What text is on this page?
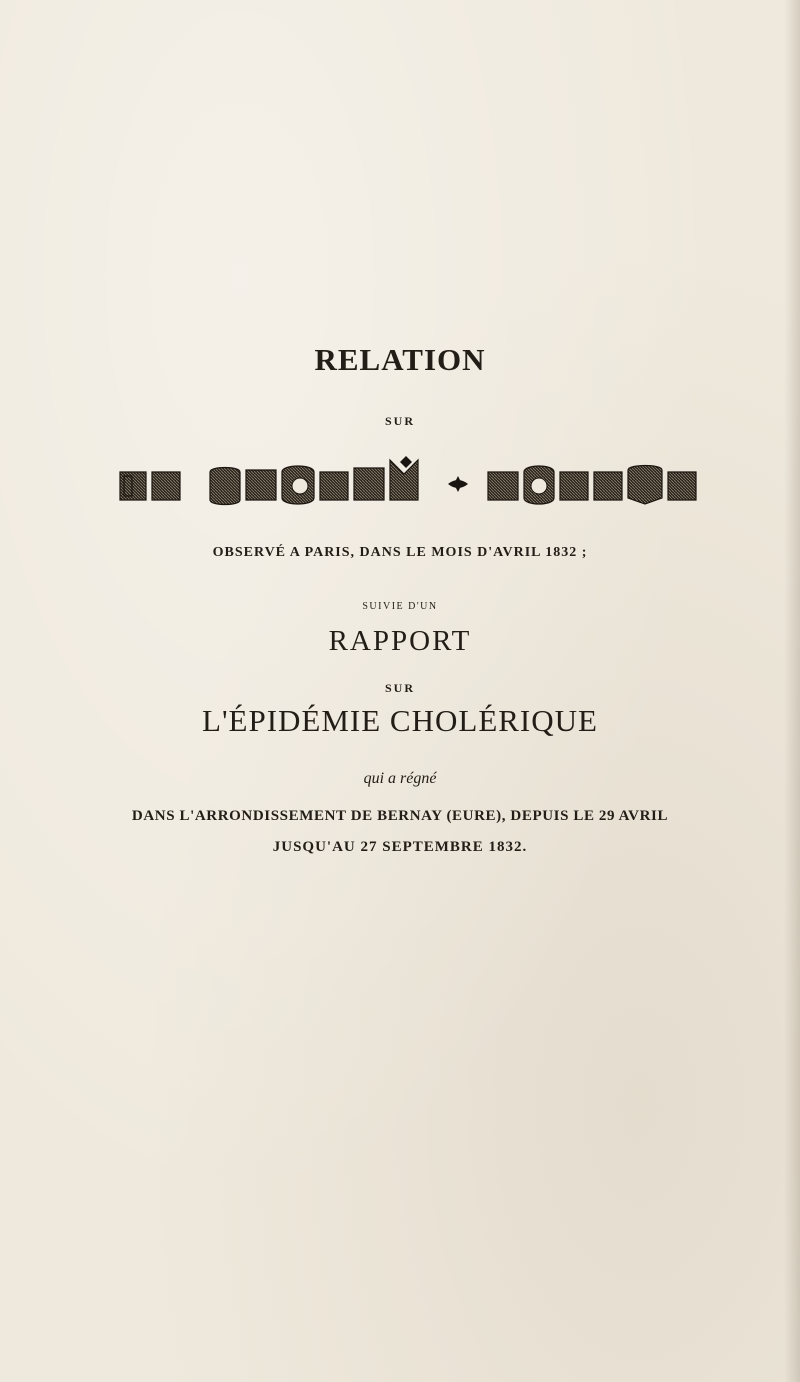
RELATION
SUR
OBSERVÉ A PARIS, DANS LE MOIS D'AVRIL 1832 ;
SUIVIE D'UN
RAPPORT
SUR
L'ÉPIDÉMIE CHOLÉRIQUE
qui a régné
DANS L'ARRONDISSEMENT DE BERNAY (EURE), DEPUIS LE 29 AVRIL
JUSQU'AU 27 SEPTEMBRE 1832.
